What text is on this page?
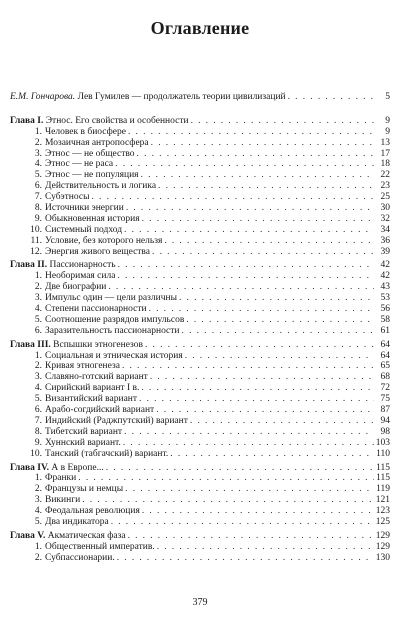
Оглавление
Е.М. Гончарова. Лев Гумилев — продолжатель теории цивилизаций . . .	5
Глава I. Этнос. Его свойства и особенности . . .	9
1. Человек в биосфере . . .	9
2. Мозаичная антропосфера . . .	13
3. Этнос — не общество . . .	17
4. Этнос — не раса . . .	18
5. Этнос — не популяция . . .	22
6. Действительность и логика . . .	23
7. Субэтносы . . .	25
8. Источники энергии . . .	30
9. Обыкновенная история . . .	32
10. Системный подход . . .	34
11. Условие, без которого нельзя . . .	36
12. Энергия живого вещества . . .	39
Глава II. Пассионарность . . .	42
1. Необоримая сила . . .	42
2. Две биографии . . .	43
3. Импульс один — цели различны . . .	53
4. Степени пассионарности . . .	56
5. Соотношение разрядов импульсов . . .	58
6. Заразительность пассионарности . . .	61
Глава III. Вспышки этногенезов . . .	64
1. Социальная и этническая история . . .	64
2. Кривая этногенеза . . .	65
3. Славяно-готский вариант . . .	68
4. Сирийский вариант I в. . . .	72
5. Византийский вариант . . .	75
6. Арабо-согдийский вариант . . .	87
7. Индийский (Раджпутский) вариант . . .	94
8. Тибетский вариант . . .	98
9. Хуннский вариант. . . .	103
10. Танский (табгачский) вариант. . . .	110
Глава IV. А в Европе... . . .	115
1. Франки . . .	115
2. Французы и немцы . . .	119
3. Викинги . . .	121
4. Феодальная революция . . .	123
5. Два индикатора . . .	125
Глава V. Акматическая фаза . . .	129
1. Общественный императив. . . .	129
2. Субпассионарии. . . .	130
379
